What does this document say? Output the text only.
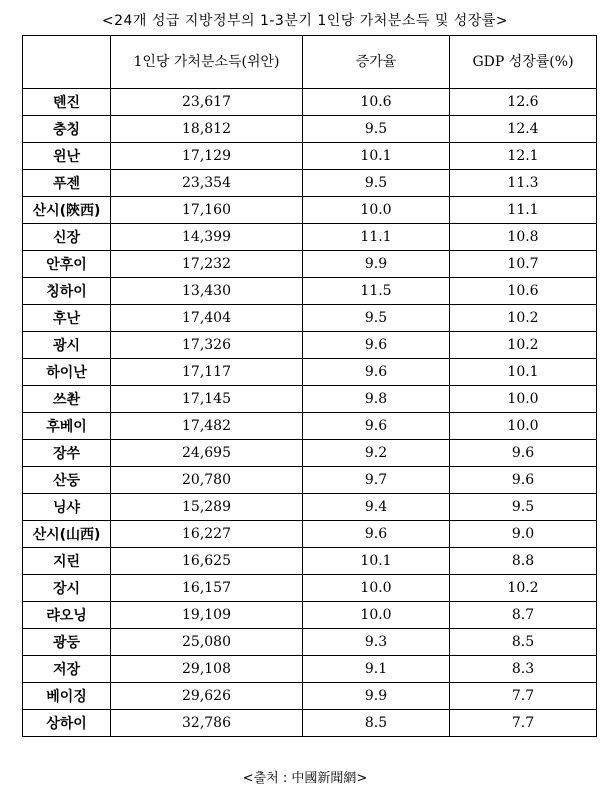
<24개 성급 지방정부의 1-3분기 1인당 가처분소득 및 성장률>
	1인당 가처분소득(위안)	증가율	GDP 성장률(%)
톈진	23,617	10.6	12.6
충칭	18,812	9.5	12.4
윈난	17,129	10.1	12.1
푸젠	23,354	9.5	11.3
산시(陝西)	17,160	10.0	11.1
신장	14,399	11.1	10.8
안후이	17,232	9.9	10.7
칭하이	13,430	11.5	10.6
후난	17,404	9.5	10.2
광시	17,326	9.6	10.2
하이난	17,117	9.6	10.1
쓰촨	17,145	9.8	10.0
후베이	17,482	9.6	10.0
장쑤	24,695	9.2	9.6
산둥	20,780	9.7	9.6
닝샤	15,289	9.4	9.5
산시(山西)	16,227	9.6	9.0
지린	16,625	10.1	8.8
장시	16,157	10.0	10.2
랴오닝	19,109	10.0	8.7
광둥	25,080	9.3	8.5
저장	29,108	9.1	8.3
베이징	29,626	9.9	7.7
상하이	32,786	8.5	7.7
<출처 : 中國新聞網>
